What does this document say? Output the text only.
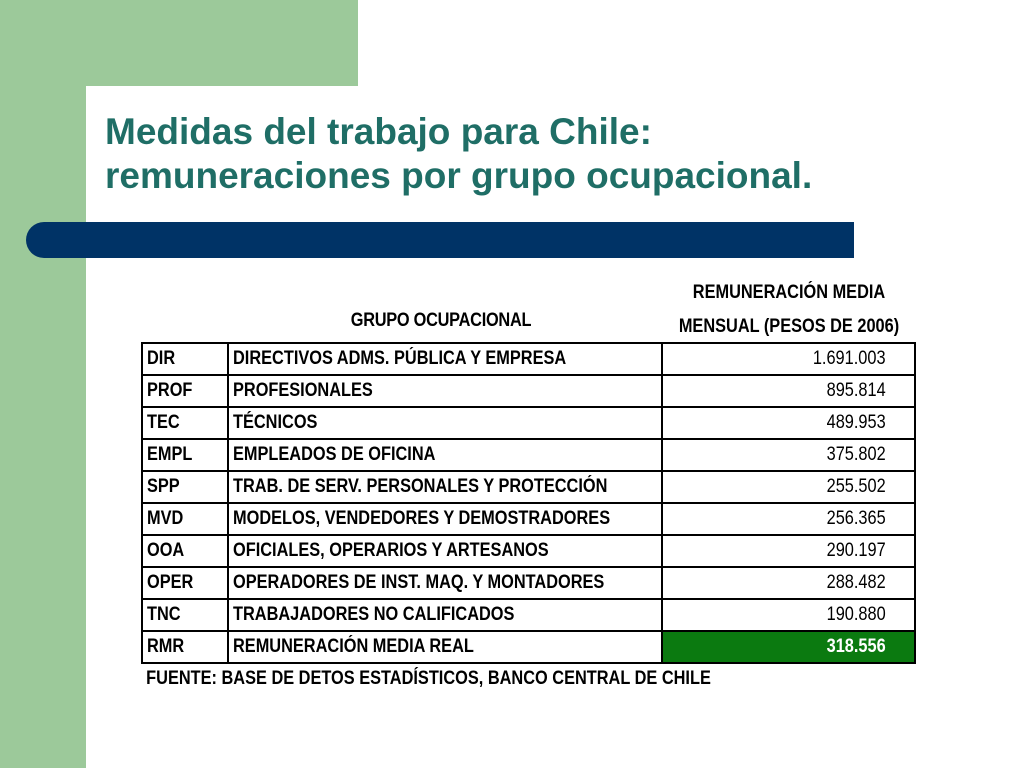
Medidas del trabajo para Chile:
remuneraciones por grupo ocupacional.
GRUPO OCUPACIONAL
REMUNERACIÓN MEDIA
MENSUAL (PESOS DE 2006)
DIR	DIRECTIVOS ADMS. PÚBLICA Y EMPRESA	1.691.003
PROF	PROFESIONALES	895.814
TEC	TÉCNICOS	489.953
EMPL	EMPLEADOS DE OFICINA	375.802
SPP	TRAB. DE SERV. PERSONALES Y PROTECCIÓN	255.502
MVD	MODELOS, VENDEDORES Y DEMOSTRADORES	256.365
OOA	OFICIALES, OPERARIOS Y ARTESANOS	290.197
OPER	OPERADORES DE INST. MAQ. Y MONTADORES	288.482
TNC	TRABAJADORES NO CALIFICADOS	190.880
RMR	REMUNERACIÓN MEDIA REAL	318.556
FUENTE: BASE DE DETOS ESTADÍSTICOS, BANCO CENTRAL DE CHILE
